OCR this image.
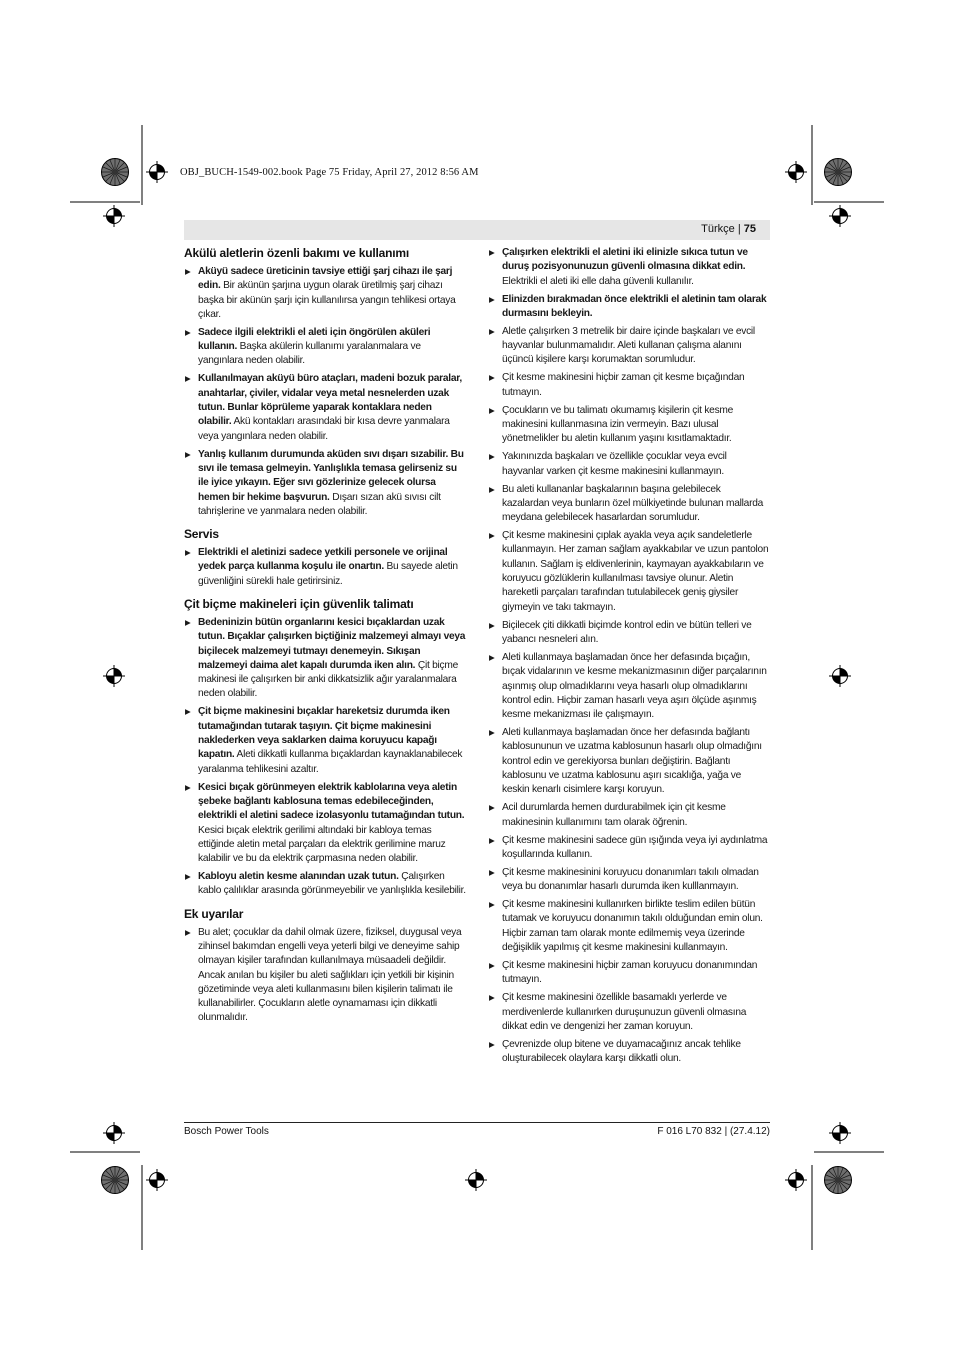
OBJ_BUCH-1549-002.book Page 75 Friday, April 27, 2012 8:56 AM
Türkçe | 75
Akülü aletlerin özenli bakımı ve kullanımı
▶ Aküyü sadece üreticinin tavsiye ettiği şarj cihazı ile şarj edin. Bir akünün şarjına uygun olarak üretilmiş şarj cihazı başka bir akünün şarjı için kullanılırsa yangın tehlikesi ortaya çıkar.
▶ Sadece ilgili elektrikli el aleti için öngörülen aküleri kullanın. Başka akülerin kullanımı yaralanmalara ve yangınlara neden olabilir.
▶ Kullanılmayan aküyü büro ataçları, madeni bozuk paralar, anahtarlar, çiviler, vidalar veya metal nesnelerden uzak tutun. Bunlar köprüleme yaparak kontaklara neden olabilir. Akü kontakları arasındaki bir kısa devre yanmalara veya yangınlara neden olabilir.
▶ Yanlış kullanım durumunda aküden sıvı dışarı sızabilir. Bu sıvı ile temasa gelmeyin. Yanlışlıkla temasa gelirseniz su ile iyice yıkayın. Eğer sıvı gözlerinize gelecek olursa hemen bir hekime başvurun. Dışarı sızan akü sıvısı cilt tahrişlerine ve yanmalara neden olabilir.
Servis
▶ Elektrikli el aletinizi sadece yetkili personele ve orijinal yedek parça kullanma koşulu ile onartın. Bu sayede aletin güvenliğini sürekli hale getirirsiniz.
Çit biçme makineleri için güvenlik talimatı
▶ Bedeninizin bütün organlarını kesici bıçaklardan uzak tutun. Bıçaklar çalışırken biçtiğiniz malzemeyi almayı veya biçilecek malzemeyi tutmayı denemeyin. Sıkışan malzemeyi daima alet kapalı durumda iken alın. Çit biçme makinesi ile çalışırken bir anki dikkatsizlik ağır yaralanmalara neden olabilir.
▶ Çit biçme makinesini bıçaklar hareketsiz durumda iken tutamağından tutarak taşıyın. Çit biçme makinesini naklederken veya saklarken daima koruyucu kapağı kapatın. Aleti dikkatli kullanma bıçaklardan kaynaklanabilecek yaralanma tehlikesini azaltır.
▶ Kesici bıçak görünmeyen elektrik kablolarına veya aletin şebeke bağlantı kablosuna temas edebileceğinden, elektrikli el aletini sadece izolasyonlu tutamağından tutun. Kesici bıçak elektrik gerilimi altındaki bir kabloya temas ettiğinde aletin metal parçaları da elektrik gerilimine maruz kalabilir ve bu da elektrik çarpmasına neden olabilir.
▶ Kabloyu aletin kesme alanından uzak tutun. Çalışırken kablo çalılıklar arasında görünmeyebilir ve yanlışlıkla kesilebilir.
Ek uyarılar
▶ Bu alet; çocuklar da dahil olmak üzere, fiziksel, duygusal veya zihinsel bakımdan engelli veya yeterli bilgi ve deneyime sahip olmayan kişiler tarafından kullanılmaya müsaadeli değildir. Ancak anılan bu kişiler bu aleti sağlıkları için yetkili bir kişinin gözetiminde veya aleti kullanmasını bilen kişilerin talimatı ile kullanabilirler. Çocukların aletle oynamaması için dikkatli olunmalıdır.
▶ Çalışırken elektrikli el aletini iki elinizle sıkıca tutun ve duruş pozisyonunuzun güvenli olmasına dikkat edin. Elektrikli el aleti iki elle daha güvenli kullanılır.
▶ Elinizden bırakmadan önce elektrikli el aletinin tam olarak durmasını bekleyin.
▶ Aletle çalışırken 3 metrelik bir daire içinde başkaları ve evcil hayvanlar bulunmamalıdır. Aleti kullanan çalışma alanını üçüncü kişilere karşı korumaktan sorumludur.
▶ Çit kesme makinesini hiçbir zaman çit kesme bıçağından tutmayın.
▶ Çocukların ve bu talimatı okumamış kişilerin çit kesme makinesini kullanmasına izin vermeyin. Bazı ulusal yönetmelikler bu aletin kullanım yaşını kısıtlamaktadır.
▶ Yakınınızda başkaları ve özellikle çocuklar veya evcil hayvanlar varken çit kesme makinesini kullanmayın.
▶ Bu aleti kullananlar başkalarının başına gelebilecek kazalardan veya bunların özel mülkiyetinde bulunan mallarda meydana gelebilecek hasarlardan sorumludur.
▶ Çit kesme makinesini çıplak ayakla veya açık sandeletlerle kullanmayın. Her zaman sağlam ayakkabılar ve uzun pantolon kullanın. Sağlam iş eldivenlerinin, kaymayan ayakkabıların ve koruyucu gözlüklerin kullanılması tavsiye olunur. Aletin hareketli parçaları tarafından tutulabilecek geniş giysiler giymeyin ve takı takmayın.
▶ Biçilecek çiti dikkatli biçimde kontrol edin ve bütün telleri ve yabancı nesneleri alın.
▶ Aleti kullanmaya başlamadan önce her defasında bıçağın, bıçak vidalarının ve kesme mekanizmasının diğer parçalarının aşınmış olup olmadıklarını veya hasarlı olup olmadıklarını kontrol edin. Hiçbir zaman hasarlı veya aşırı ölçüde aşınmış kesme mekanizması ile çalışmayın.
▶ Aleti kullanmaya başlamadan önce her defasında bağlantı kablosununun ve uzatma kablosunun hasarlı olup olmadığını kontrol edin ve gerekiyorsa bunları değiştirin. Bağlantı kablosunu ve uzatma kablosunu aşırı sıcaklığa, yağa ve keskin kenarlı cisimlere karşı koruyun.
▶ Acil durumlarda hemen durdurabilmek için çit kesme makinesinin kullanımını tam olarak öğrenin.
▶ Çit kesme makinesini sadece gün ışığında veya iyi aydınlatma koşullarında kullanın.
▶ Çit kesme makinesinini koruyucu donanımları takılı olmadan veya bu donanımlar hasarlı durumda iken kulllanmayın.
▶ Çit kesme makinesini kullanırken birlikte teslim edilen bütün tutamak ve koruyucu donanımın takılı olduğundan emin olun. Hiçbir zaman tam olarak monte edilmemiş veya üzerinde değişiklik yapılmış çit kesme makinesini kullanmayın.
▶ Çit kesme makinesini hiçbir zaman koruyucu donanımından tutmayın.
▶ Çit kesme makinesini özellikle basamaklı yerlerde ve merdivenlerde kullanırken duruşunuzun güvenli olmasına dikkat edin ve dengenizi her zaman koruyun.
▶ Çevrenizde olup bitene ve duyamacağınız ancak tehlike oluşturabilecek olaylara karşı dikkatli olun.
Bosch Power Tools	F 016 L70 832 | (27.4.12)
